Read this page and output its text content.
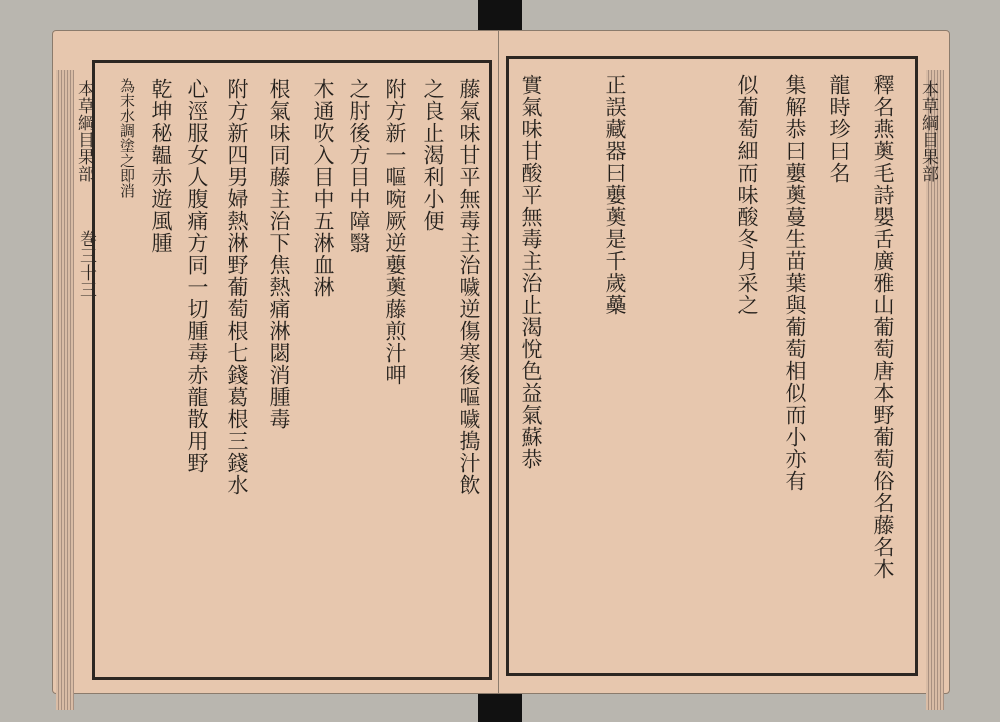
本草綱目果部
巻三十三	藤氣味甘平無毒主治噦逆傷寒後嘔噦搗汁飲
之良止渴利小便
附方新一嘔啘厥逆蘡薁藤煎汁呷
之肘後方目中障翳
木通吹入目中五淋血淋
根氣味同藤主治下焦熱痛淋閟消腫毒
附方新四男婦熱淋野葡萄根七錢葛根三錢水
心涇服女人腹痛方同一切腫毒赤龍散用野
乾坤秘韞赤遊風腫
為末水調塗之即消	本草綱目果部
釋名燕薁毛詩嬰舌廣雅山葡萄唐本野葡萄俗名藤名木
龍時珍曰名
集解恭曰蘡薁蔓生苗葉與葡萄相似而小亦有
似葡萄細而味酸冬月采之
正誤藏器曰蘡薁是千歲蘽
實氣味甘酸平無毒主治止渴悅色益氣蘇恭
